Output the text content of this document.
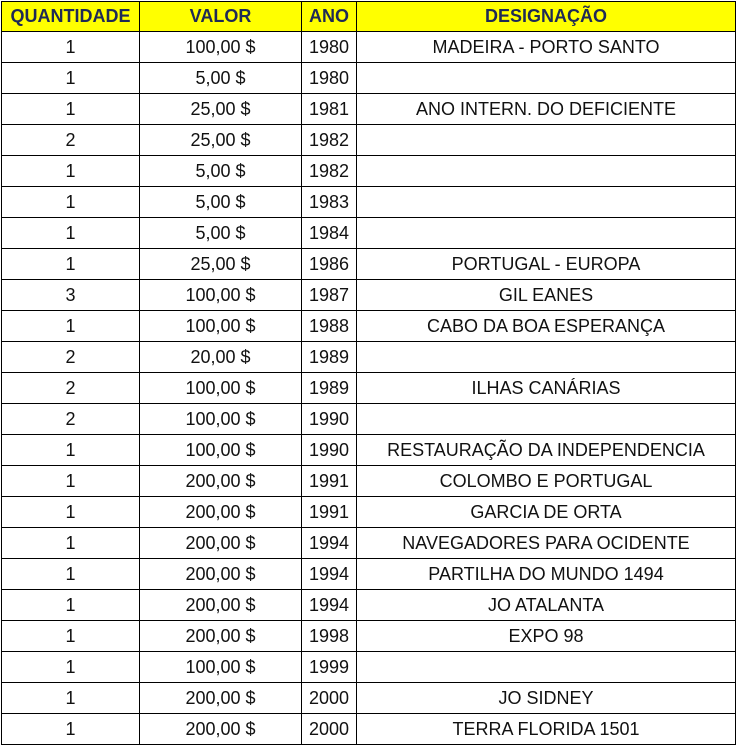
QUANTIDADE	VALOR	ANO	DESIGNAÇÃO
1	100,00 $	1980	MADEIRA - PORTO SANTO
1	5,00 $	1980	
1	25,00 $	1981	ANO INTERN. DO DEFICIENTE
2	25,00 $	1982	
1	5,00 $	1982	
1	5,00 $	1983	
1	5,00 $	1984	
1	25,00 $	1986	PORTUGAL - EUROPA
3	100,00 $	1987	GIL EANES
1	100,00 $	1988	CABO DA BOA ESPERANÇA
2	20,00 $	1989	
2	100,00 $	1989	ILHAS CANÁRIAS
2	100,00 $	1990	
1	100,00 $	1990	RESTAURAÇÃO DA INDEPENDENCIA
1	200,00 $	1991	COLOMBO E PORTUGAL
1	200,00 $	1991	GARCIA DE ORTA
1	200,00 $	1994	NAVEGADORES PARA OCIDENTE
1	200,00 $	1994	PARTILHA DO MUNDO 1494
1	200,00 $	1994	JO ATALANTA
1	200,00 $	1998	EXPO 98
1	100,00 $	1999	
1	200,00 $	2000	JO SIDNEY
1	200,00 $	2000	TERRA FLORIDA 1501
